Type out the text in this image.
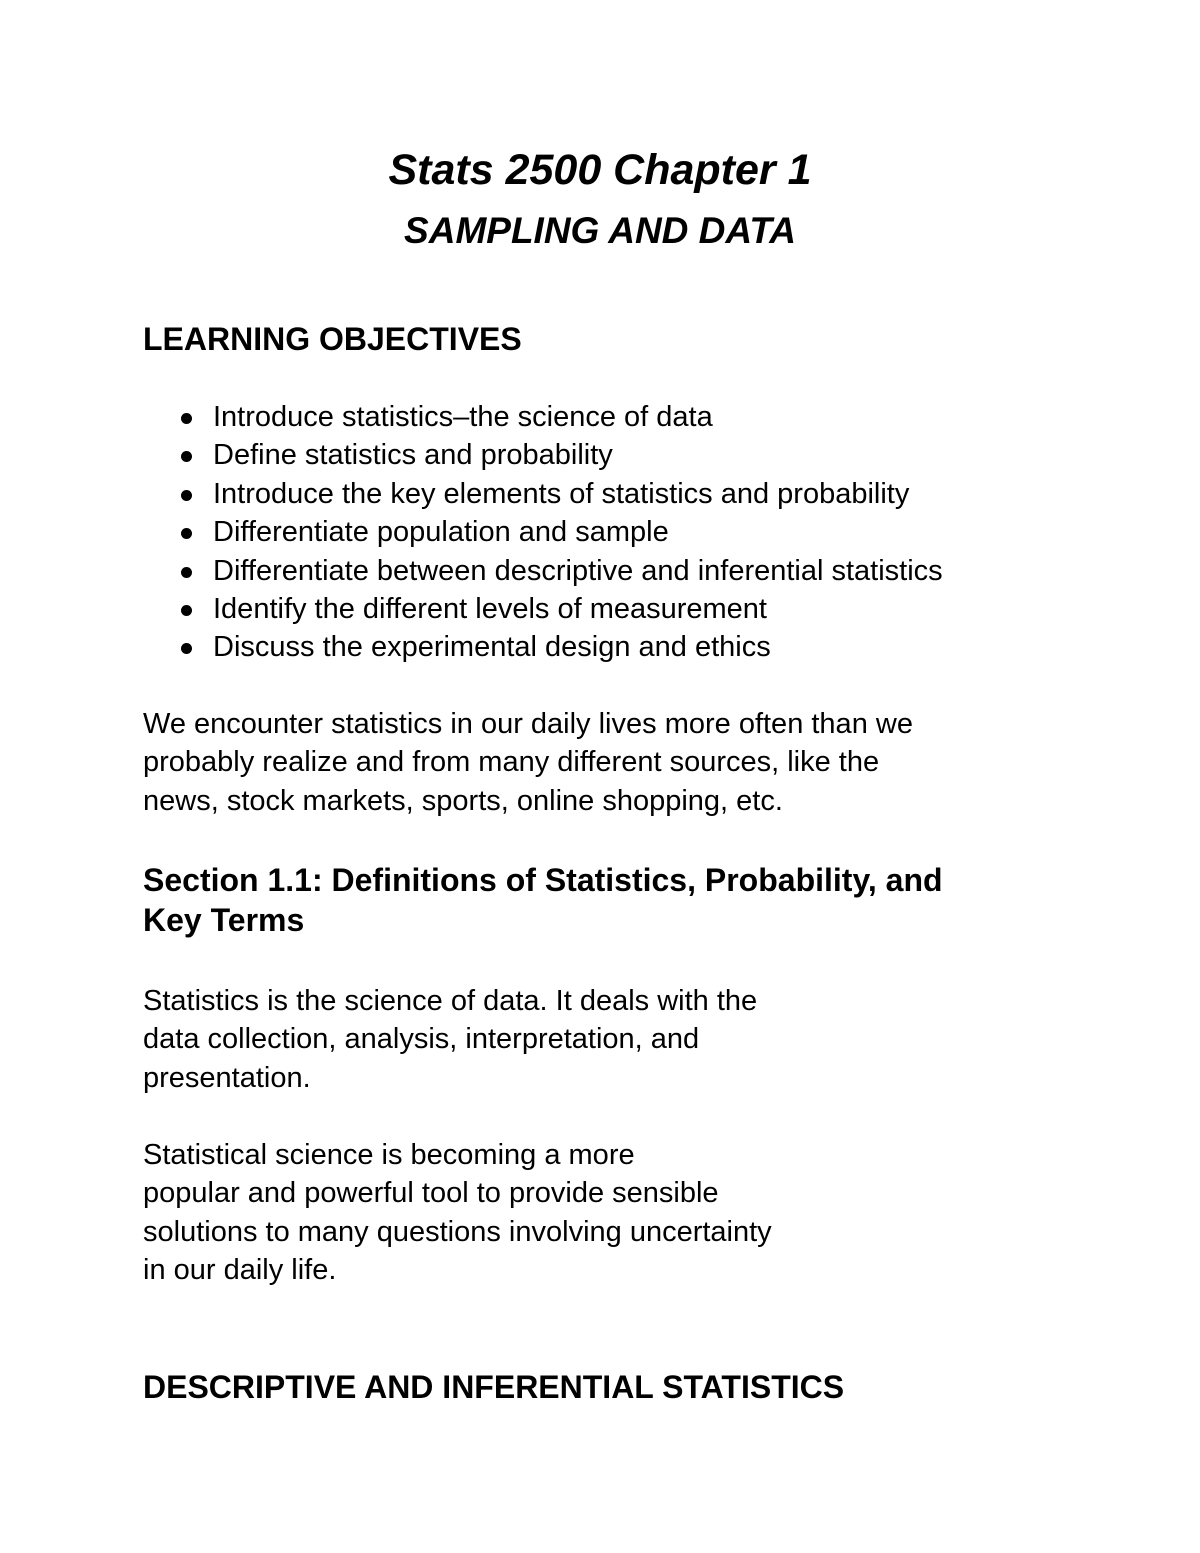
Stats 2500 Chapter 1
SAMPLING AND DATA
LEARNING OBJECTIVES
Introduce statistics–the science of data
Define statistics and probability
Introduce the key elements of statistics and probability
Differentiate population and sample
Differentiate between descriptive and inferential statistics
Identify the different levels of measurement
Discuss the experimental design and ethics

We encounter statistics in our daily lives more often than we
probably realize and from many different sources, like the
news, stock markets, sports, online shopping, etc.

Section 1.1: Definitions of Statistics, Probability, and
Key Terms

Statistics is the science of data. It deals with the
data collection, analysis, interpretation, and
presentation.

Statistical science is becoming a more
popular and powerful tool to provide sensible
solutions to many questions involving uncertainty
in our daily life.

DESCRIPTIVE AND INFERENTIAL STATISTICS
